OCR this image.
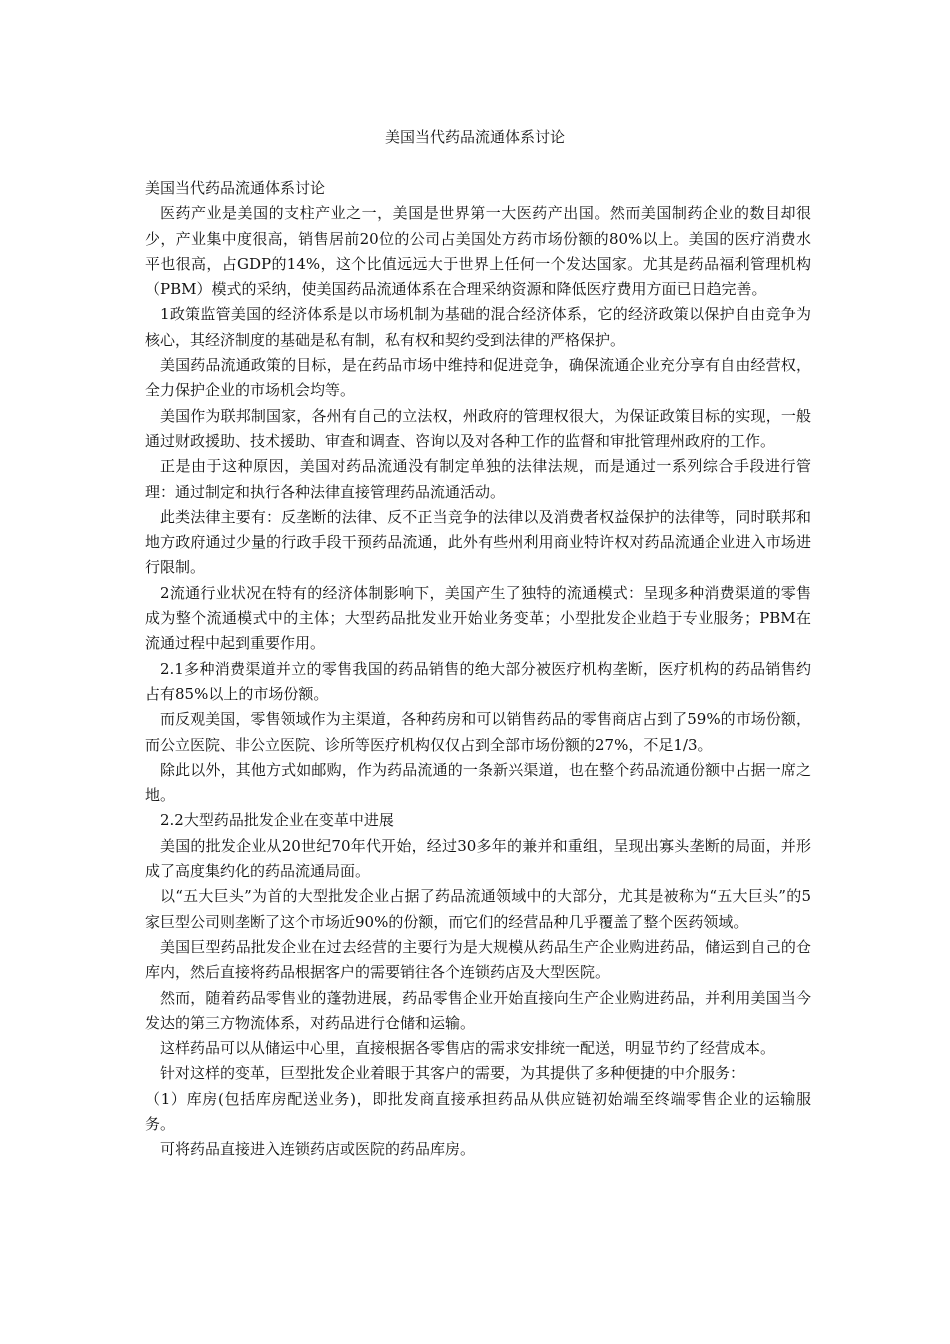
美国当代药品流通体系讨论

美国当代药品流通体系讨论

医药产业是美国的支柱产业之一，美国是世界第一大医药产出国。然而美国制药企业的数目却很少，产业集中度很高，销售居前20位的公司占美国处方药市场份额的80%以上。美国的医疗消费水平也很高，占GDP的14%，这个比值远远大于世界上任何一个发达国家。尤其是药品福利管理机构（PBM）模式的采纳，使美国药品流通体系在合理采纳资源和降低医疗费用方面已日趋完善。

1政策监管美国的经济体系是以市场机制为基础的混合经济体系，它的经济政策以保护自由竞争为核心，其经济制度的基础是私有制，私有权和契约受到法律的严格保护。

美国药品流通政策的目标，是在药品市场中维持和促进竞争，确保流通企业充分享有自由经营权，全力保护企业的市场机会均等。

美国作为联邦制国家，各州有自己的立法权，州政府的管理权很大，为保证政策目标的实现，一般通过财政援助、技术援助、审查和调查、咨询以及对各种工作的监督和审批管理州政府的工作。

正是由于这种原因，美国对药品流通没有制定单独的法律法规，而是通过一系列综合手段进行管理：通过制定和执行各种法律直接管理药品流通活动。

此类法律主要有：反垄断的法律、反不正当竞争的法律以及消费者权益保护的法律等，同时联邦和地方政府通过少量的行政手段干预药品流通，此外有些州利用商业特许权对药品流通企业进入市场进行限制。

2流通行业状况在特有的经济体制影响下，美国产生了独特的流通模式：呈现多种消费渠道的零售成为整个流通模式中的主体；大型药品批发业开始业务变革；小型批发企业趋于专业服务；PBM在流通过程中起到重要作用。

2.1多种消费渠道并立的零售我国的药品销售的绝大部分被医疗机构垄断，医疗机构的药品销售约占有85%以上的市场份额。

而反观美国，零售领域作为主渠道，各种药房和可以销售药品的零售商店占到了59%的市场份额，而公立医院、非公立医院、诊所等医疗机构仅仅占到全部市场份额的27%，不足1/3。

除此以外，其他方式如邮购，作为药品流通的一条新兴渠道，也在整个药品流通份额中占据一席之地。

2.2大型药品批发企业在变革中进展

美国的批发企业从20世纪70年代开始，经过30多年的兼并和重组，呈现出寡头垄断的局面，并形成了高度集约化的药品流通局面。

以“五大巨头”为首的大型批发企业占据了药品流通领域中的大部分，尤其是被称为“五大巨头”的5家巨型公司则垄断了这个市场近90%的份额，而它们的经营品种几乎覆盖了整个医药领域。

美国巨型药品批发企业在过去经营的主要行为是大规模从药品生产企业购进药品，储运到自己的仓库内，然后直接将药品根据客户的需要销往各个连锁药店及大型医院。

然而，随着药品零售业的蓬勃进展，药品零售企业开始直接向生产企业购进药品，并利用美国当今发达的第三方物流体系，对药品进行仓储和运输。

这样药品可以从储运中心里，直接根据各零售店的需求安排统一配送，明显节约了经营成本。

针对这样的变革，巨型批发企业着眼于其客户的需要，为其提供了多种便捷的中介服务：

（1）库房(包括库房配送业务)，即批发商直接承担药品从供应链初始端至终端零售企业的运输服务。

可将药品直接进入连锁药店或医院的药品库房。
